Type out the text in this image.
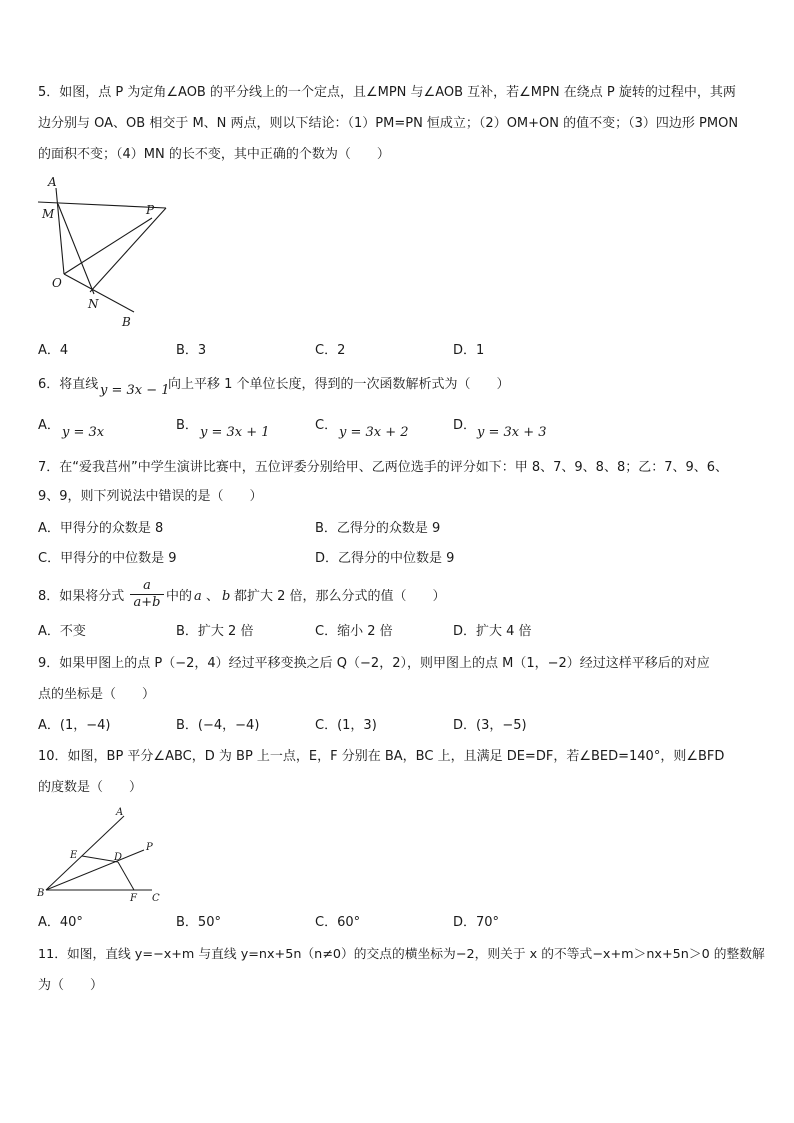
5．如图，点 P 为定角∠AOB 的平分线上的一个定点，且∠MPN 与∠AOB 互补，若∠MPN 在绕点 P 旋转的过程中，其两
边分别与 OA、OB 相交于 M、N 两点，则以下结论：（1）PM=PN 恒成立；（2）OM+ON 的值不变；（3）四边形 PMON
的面积不变；（4）MN 的长不变，其中正确的个数为（　　）
A
M	P
O
N
B
A．4	B．3	C．2	D．1
6．将直线 y = 3x − 1
向上平移 1 个单位长度，得到的一次函数解析式为（　　）
A． y = 3x	B． y = 3x + 1	C． y = 3x + 2	D． y = 3x + 3
7．在“爱我莒州”中学生演讲比赛中，五位评委分别给甲、乙两位选手的评分如下：甲 8、7、9、8、8；乙：7、9、6、
9、9，则下列说法中错误的是（　　）
A．甲得分的众数是 8	B．乙得分的众数是 9
C．甲得分的中位数是 9	D．乙得分的中位数是 9
8．如果将分式
a
a+b 中的 a 、 b 都扩大 2 倍，那么分式的值（　　）
A．不变	B．扩大 2 倍	C．缩小 2 倍	D．扩大 4 倍
9．如果甲图上的点 P（−2，4）经过平移变换之后 Q（−2，2），则甲图上的点 M（1，−2）经过这样平移后的对应
点的坐标是（　　）
A．(1，−4)	B．(−4，−4)	C．(1，3)	D．(3，−5)
10．如图，BP 平分∠ABC，D 为 BP 上一点，E，F 分别在 BA，BC 上，且满足 DE=DF，若∠BED=140°，则∠BFD
的度数是（　　）
A
P
E	D
B	F C
A．40°	B．50°	C．60°	D．70°
11．如图，直线 y=−x+m 与直线 y=nx+5n（n≠0）的交点的横坐标为−2，则关于 x 的不等式−x+m＞nx+5n＞0 的整数解
为（　　）
